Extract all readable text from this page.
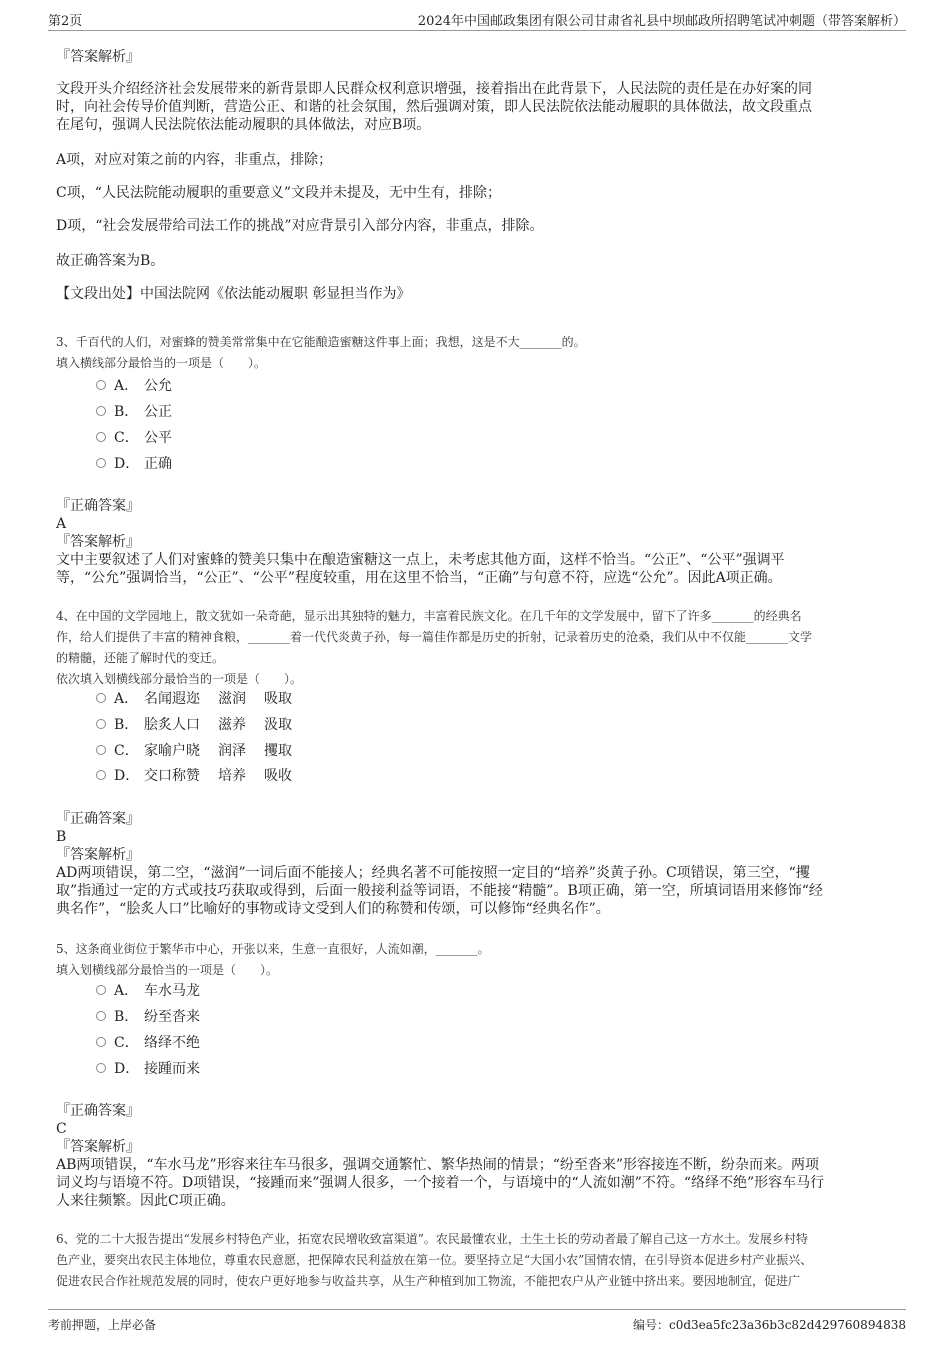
第2页	2024年中国邮政集团有限公司甘肃省礼县中坝邮政所招聘笔试冲刺题（带答案解析）

『答案解析』

文段开头介绍经济社会发展带来的新背景即人民群众权利意识增强，接着指出在此背景下，人民法院的责任是在办好案的同

时，向社会传导价值判断，营造公正、和谐的社会氛围，然后强调对策，即人民法院依法能动履职的具体做法，故文段重点

在尾句，强调人民法院依法能动履职的具体做法，对应B项。

A项，对应对策之前的内容，非重点，排除；

C项，“人民法院能动履职的重要意义”文段并未提及，无中生有，排除；

D项，“社会发展带给司法工作的挑战”对应背景引入部分内容，非重点，排除。

故正确答案为B。

【文段出处】中国法院网《依法能动履职 彰显担当作为》

3、千百代的人们，对蜜蜂的赞美常常集中在它能酿造蜜糖这件事上面；我想，这是不大_______的。
填入横线部分最恰当的一项是（　　）。
A． 公允
B． 公正
C． 公平
D． 正确

『正确答案』

A

『答案解析』

文中主要叙述了人们对蜜蜂的赞美只集中在酿造蜜糖这一点上，未考虑其他方面，这样不恰当。“公正”、“公平”强调平

等，“公允”强调恰当，“公正”、“公平”程度较重，用在这里不恰当，“正确”与句意不符，应选“公允”。因此A项正确。

4、在中国的文学园地上，散文犹如一朵奇葩，显示出其独特的魅力，丰富着民族文化。在几千年的文学发展中，留下了许多_______的经典名
作，给人们提供了丰富的精神食粮，_______着一代代炎黄子孙，每一篇佳作都是历史的折射，记录着历史的沧桑，我们从中不仅能_______文学
的精髓，还能了解时代的变迁。
依次填入划横线部分最恰当的一项是（　　）。
A． 名闻遐迩 滋润 吸取
B． 脍炙人口 滋养 汲取
C． 家喻户晓 润泽 攫取
D． 交口称赞 培养 吸收

『正确答案』

B

『答案解析』

AD两项错误，第二空，“滋润”一词后面不能接人；经典名著不可能按照一定目的“培养”炎黄子孙。C项错误，第三空，“攫

取”指通过一定的方式或技巧获取或得到，后面一般接利益等词语，不能接“精髓”。B项正确，第一空，所填词语用来修饰“经

典名作”，“脍炙人口”比喻好的事物或诗文受到人们的称赞和传颂，可以修饰“经典名作”。

5、这条商业街位于繁华市中心，开张以来，生意一直很好，人流如潮，_______。
填入划横线部分最恰当的一项是（　　）。
A． 车水马龙
B． 纷至沓来
C． 络绎不绝
D． 接踵而来

『正确答案』

C

『答案解析』

AB两项错误，“车水马龙”形容来往车马很多，强调交通繁忙、繁华热闹的情景；“纷至沓来”形容接连不断，纷杂而来。两项

词义均与语境不符。D项错误，“接踵而来”强调人很多，一个接着一个，与语境中的“人流如潮”不符。“络绎不绝”形容车马行

人来往频繁。因此C项正确。

6、党的二十大报告提出“发展乡村特色产业，拓宽农民增收致富渠道”。农民最懂农业，土生土长的劳动者最了解自己这一方水土。发展乡村特
色产业，要突出农民主体地位，尊重农民意愿，把保障农民利益放在第一位。要坚持立足“大国小农”国情农情，在引导资本促进乡村产业振兴、
促进农民合作社规范发展的同时，使农户更好地参与收益共享，从生产种植到加工物流，不能把农户从产业链中挤出来。要因地制宜，促进广
考前押题，上岸必备	编号：c0d3ea5fc23a36b3c82d429760894838
